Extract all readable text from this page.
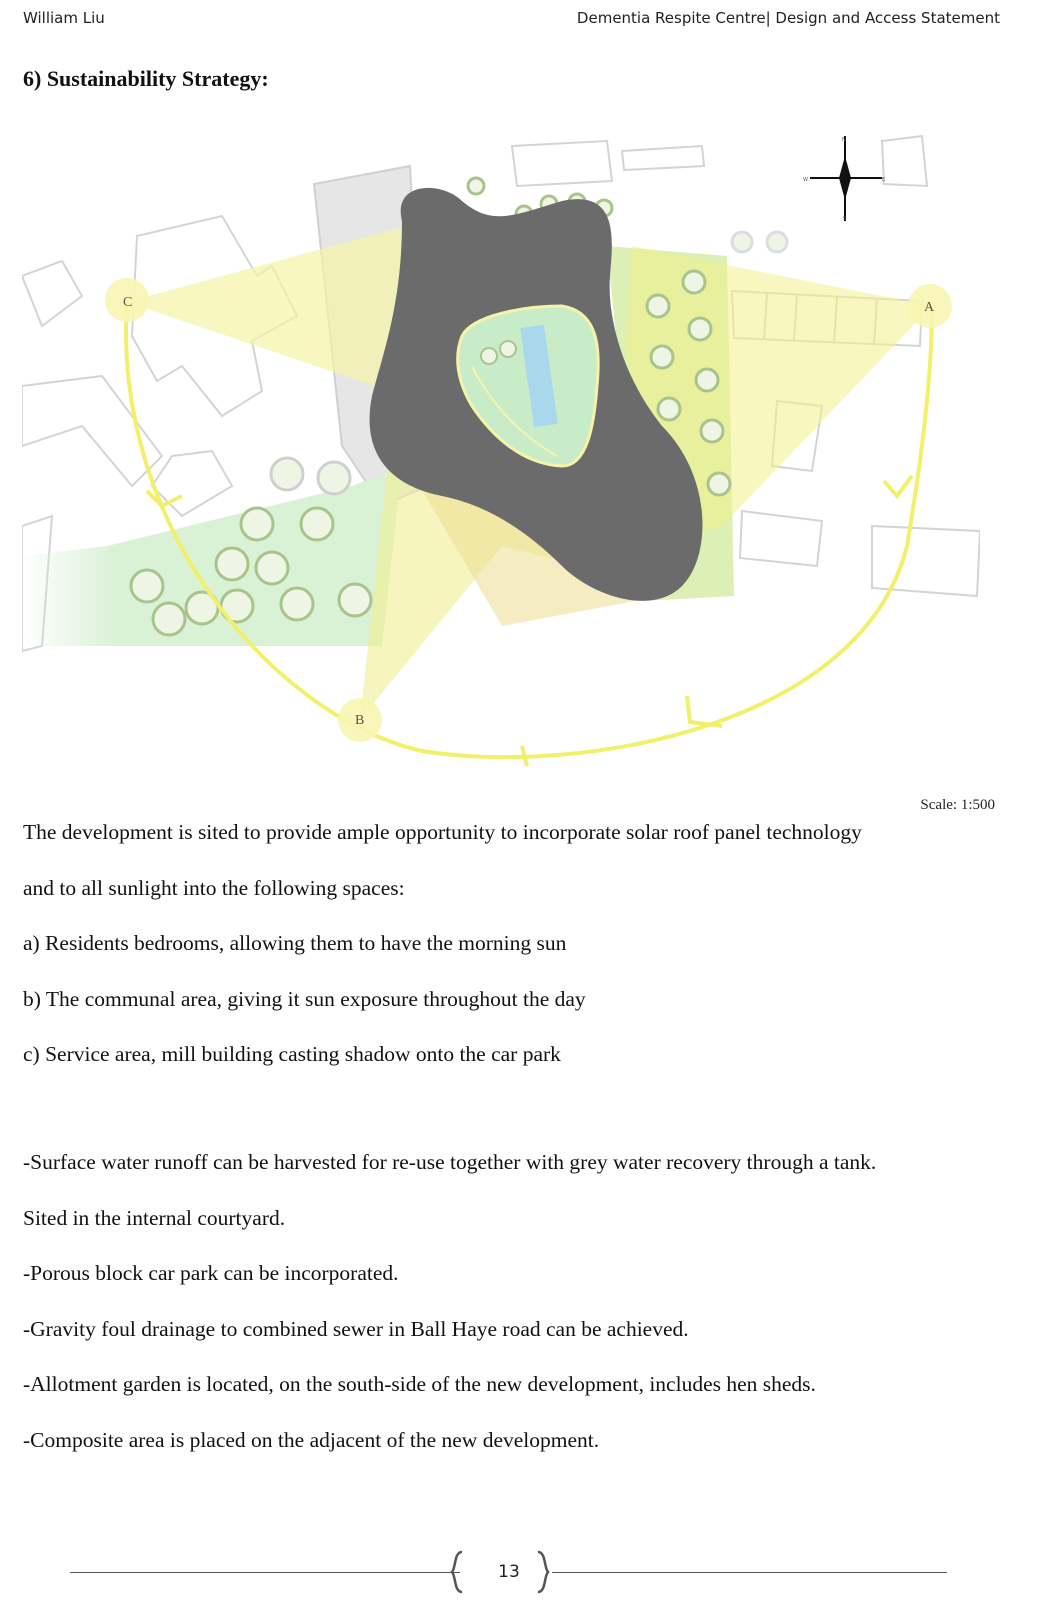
William Liu	Dementia Respite Centre| Design and Access Statement
6) Sustainability Strategy:
C	A
B
N
S
E
W
Scale: 1:500

The development is sited to provide ample opportunity to incorporate solar roof panel technology

and to all sunlight into the following spaces:

a) Residents bedrooms, allowing them to have the morning sun

b) The communal area, giving it sun exposure throughout the day

c) Service area, mill building casting shadow onto the car park

-Surface water runoff can be harvested for re-use together with grey water recovery through a tank.

Sited in the internal courtyard.

-Porous block car park can be incorporated.

-Gravity foul drainage to combined sewer in Ball Haye road can be achieved.

-Allotment garden is located, on the south-side of the new development, includes hen sheds.

-Composite area is placed on the adjacent of the new development.

13
